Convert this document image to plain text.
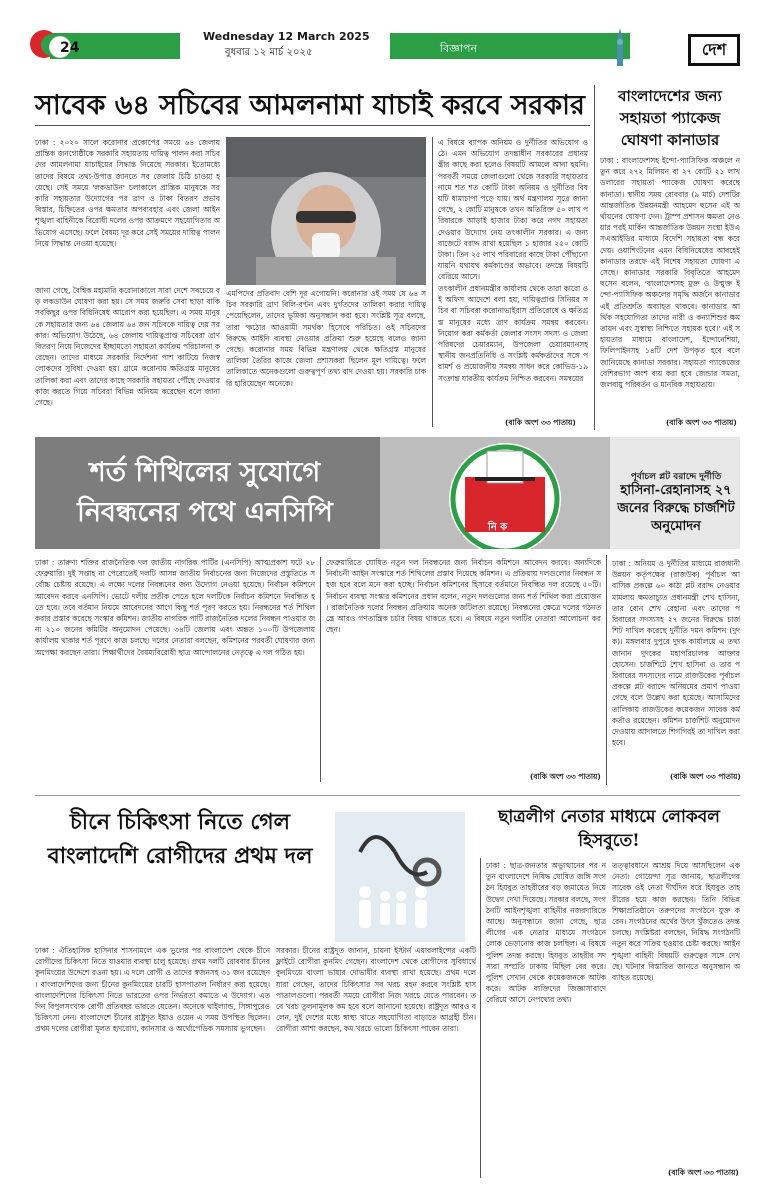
24
Wednesday 12 March 2025
বুধবার ১২ মার্চ ২০২৫	বিজ্ঞাপন	দেশ
সাবেক ৬৪ সচিবের আমলনামা যাচাই করবে সরকার
ঢাকা : ২০২০ সালে করোনার প্রকোপের সময়ে ৬৪ জেলায় প্রান্তিক জনগোষ্ঠীকে সরকারি সহায়তায় দায়িত্ব পালন করা সচিবদের আমলনামা যাচাইয়ের সিদ্ধান্ত নিয়েছে সরকার। ইতোমধ্যে তাদের বিষয়ে তথ্য-উপাত্ত জানতে সব জেলায় চিঠি চাওয়া হয়েছে। সেই সময়ে 'লকডাউন' চলাকালে প্রান্তিক মানুষকে সরকারি সহায়তার উদ্যোগের পর ত্রাণ ও টাকা বিতরণ প্রভাব বিস্তার, চিহ্নিতের ওপর ক্ষমতার অপব্যবহার এবং জেলা আইনশৃঙ্খলা বাহিনীকে বিরোধী দলের ওপর আক্রমণে সহযোগিতার অভিযোগ এসেছে। ফলে বৈষম্য দূর করে সেই সময়ের দায়িত্ব পালন নিয়ে সিদ্ধান্ত নেওয়া হয়েছে।
জানা গেছে, বৈশ্বিক মহামারি করোনাকালে সারা দেশে সবচেয়ে বড় লকডাউন ঘোষণা করা হয়। সে সময় জরুরি সেবা ছাড়া বাকি সবকিছুর ওপর বিধিনিষেধ আরোপ করা হয়েছিল। এ সময় মানুষকে সহায়তার জন্য ৬৪ জেলায় ৬৪ জন সচিবকে দায়িত্ব দেয় সরকার। অভিযোগ উঠেছে, ৬৪ জেলায় দায়িত্বপ্রাপ্ত সচিবেরা ত্রাণ বিতরণ নিয়ে নিজেদের ইচ্ছামতো সহায়তা কার্যক্রম পরিচালনা করেছেন। তাদের মাধ্যমে সরকারি নির্দেশনা পাশ কাটিয়ে নিজস্ব লোকদের সুবিধা দেওয়া হয়। গ্রামে করোনায় ক্ষতিগ্রস্ত মানুষের তালিকা করা এবং তাদের কাছে সরকারি সহায়তা পৌঁছে দেওয়ার কাজ করতে গিয়ে সচিবরা বিভিন্ন অনিয়ম করেছেন বলে জানা গেছে।
এমপিদের প্রতিবাদ বেশি দূর এগোয়নি। করোনার ওই সময় যে ৬৪ সচিব সরকারি ত্রাণ বিলি-বণ্টন এবং দুর্গতদের তালিকা করার দায়িত্ব পেয়েছিলেন, তাদের ভূমিকা অনুসন্ধান করা হবে। সংশ্লিষ্ট সূত্র বলছে, তারা 'কঠোর আওয়ামী সমর্থক' হিসেবে পরিচিত। ওই সচিবদের বিরুদ্ধে আইনি ব্যবস্থা নেওয়ার প্রক্রিয়া শুরু হয়েছে বলেও জানা গেছে। করোনার সময় বিভিন্ন মন্ত্রণালয় থেকে ক্ষতিগ্রস্ত মানুষের তালিকা তৈরির কাজে জেলা প্রশাসকরা ছিলেন মূল দায়িত্বে। ফলে তালিকাতে অনেকগুলো গুরুত্বপূর্ণ তথ্য বাদ দেওয়া হয়। সরকারি চাকরি হারিয়েছেন অনেকে।
এ বিষয়ে ব্যাপক অনিয়ম ও দুর্নীতির অভিযোগ ওঠে। এমন অভিযোগ তদন্তাধীন সরকারের প্রধানমন্ত্রীর কাছে করা হলেও বিষয়টি আমলে আনা হয়নি। পরবর্তী সময়ে জেলাগুলো থেকে সরকারি সহায়তার নামে শত শত কোটি টাকা অনিয়ম ও দুর্নীতির বিষয়টি ধামাচাপা পড়ে যায়। অর্থ মন্ত্রণালয় সূত্রে জানা গেছে, ২ কোটি মানুষকে তখন অতিরিক্ত ৫০ লাখ পরিবারকে আড়াই হাজার টাকা করে নগদ সহায়তা দেওয়ার উদ্যোগ নেয় তৎকালীন সরকার। এ জন্য বাজেটে বরাদ্দ রাখা হয়েছিল ১ হাজার ২৫০ কোটি টাকা। তিন ২৫ লাখ পরিবারের কাছে টাকা পৌঁছানো যায়নি যথাযথ কর্মকাণ্ডের অভাবে। তদন্তে বিষয়টি বেরিয়ে আসে।
তৎকালীন প্রধানমন্ত্রীর কার্যালয় থেকে তারা কারো ওই অফিস আদেশে বলা হয়, দায়িত্বপ্রাপ্ত সিনিয়র সচিব বা সচিবরা করোনাভাইরাস প্রতিরোধে ও ক্ষতিগ্রস্ত মানুষের মধ্যে ত্রাণ কার্যক্রম সমন্বয় করবেন। নিয়োগ করা কর্মকর্তা জেলার সংসদ সদস্য ও জেলা পরিষদের চেয়ারম্যান, উপজেলা চেয়ারম্যানসহ স্থানীয় জনপ্রতিনিধি ও সংশ্লিষ্ট কর্মকর্তাদের সঙ্গে পরামর্শ ও প্রয়োজনীয় সমন্বয় সাধন করে কোভিড-১৯ সংক্রান্ত যাবতীয় কার্যক্রম নিশ্চিত করবেন। সমন্বয়ের
(বাকি অংশ ৩৩ পাতায়)
বাংলাদেশের জন্য সহায়তা প্যাকেজ ঘোষণা কানাডার
ঢাকা : বাংলাদেশসহ ইন্দো-প্যাসিফিক অঞ্চলে নতুন করে ২৭২ মিলিয়ন বা ২৭ কোটি ২১ লাখ ডলারের সহায়তা প্যাকেজ ঘোষণা করেছে কানাডা। স্থানীয় সময় রোববার (৯ মার্চ) দেশটির আন্তর্জাতিক উন্নয়নমন্ত্রী আহমেদ হুসেন এই অর্থায়নের ঘোষণা দেন। ট্রাম্প প্রশাসন ক্ষমতা নেওয়ার পরই মার্কিন আন্তর্জাতিক উন্নয়ন সংস্থা ইউএসএআইডির মাধ্যমে বিদেশি সহায়তা বন্ধ করে দেয়। ওয়াশিংটনের এমন বিধিনিষেধের আবহেই কানাডার তরফে এই বিশেষ সহায়তা ঘোষণা এসেছে। কানাডার সরকারি বিবৃতিতে আহমেদ হুসেন বলেন, 'বাংলাদেশসহ মুক্ত ও উন্মুক্ত ইন্দো-প্যাসিফিক অঞ্চলের সমৃদ্ধি অর্জনে কানাডার এই প্রতিশ্রুতি অব্যাহত থাকবে। কানাডার আর্থিক সহযোগিতা তাদের নারী ও কন্যাশিশুর ক্ষমতায়ন এবং সুস্বাস্থ্য নিশ্চিতে সহায়ক হবে।' এই সহায়তার মাধ্যমে বাংলাদেশ, ইন্দোনেশিয়া, ফিলিপাইনসহ ১৪টি দেশ উপকৃত হবে বলে জানিয়েছে কানাডা সরকার। সহায়তা প্যাকেজের বেশিরভাগ অংশ ব্যয় করা হবে জেন্ডার সমতা, জলবায়ু পরিবর্তন ও মানবিক সহায়তায়।
(বাকি অংশ ৩৩ পাতায়)
শর্ত শিথিলের সুযোগে নিবন্ধনের পথে এনসিপি	নি ক
পূর্বাচল প্লট বরাদ্দে দুর্নীতি
হাসিনা-রেহানাসহ ২৭ জনের বিরুদ্ধে চার্জশিট অনুমোদন
ঢাকা : অনিয়ম ও দুর্নীতির মাধ্যমে রাজধানী উন্নয়ন কর্তৃপক্ষের (রাজউক) পূর্বাচল আবাসিক প্রকল্পে ৬০ কাঠা প্লট বরাদ্দ নেওয়ার মামলায় ক্ষমতাচ্যুত প্রধানমন্ত্রী শেখ হাসিনা, তার বোন শেখ রেহানা এবং তাদের পরিবারের সদস্যসহ ২৭ জনের বিরুদ্ধে চার্জশিট দাখিল করেছে দুর্নীতি দমন কমিশন (দুদক)। মঙ্গলবার দুপুরে দুদক কার্যালয়ে এ তথ্য জানান দুদকের মহাপরিচালক আক্তার হোসেন। চার্জশিটে শেখ হাসিনা ও তার পরিবারের সদস্যদের নামে রাজউকের পূর্বাচল প্রকল্পে প্লট বরাদ্দে অনিয়মের প্রমাণ পাওয়া গেছে বলে উল্লেখ করা হয়েছে। আসামিদের তালিকায় রাজউকের কয়েকজন সাবেক কর্মকর্তাও রয়েছেন। কমিশন চার্জশিট অনুমোদন দেওয়ায় আদালতে শিগগিরই তা দাখিল করা হবে।
(বাকি অংশ ৩৩ পাতায়)
ঢাকা : তারুণ্য শক্তির রাজনৈতিক দল জাতীয় নাগরিক পার্টির (এনসিপি) আত্মপ্রকাশ ঘটে ২৮ ফেব্রুয়ারি। দুই সপ্তাহ না পেরোতেই দলটি আসন্ন জাতীয় নির্বাচনের জন্য নিজেদের প্রস্তুতিতে সর্বোচ্চ চেষ্টায় রয়েছে। এ লক্ষ্যে দলের নিবন্ধনের জন্য উদ্যোগ নেওয়া হয়েছে। নির্বাচন কমিশনে আবেদন করবে এনসিপি। ভোটে দলীয় প্রতীক পেতে হলে দলটিকে নির্বাচন কমিশনে নিবন্ধিত হতে হবে। তবে বর্তমান নিয়মে আবেদনের আগে কিছু শর্ত পূরণ করতে হয়। নিবন্ধনের শর্ত শিথিল করার প্রস্তাব করেছে সংস্কার কমিশন। জাতীয় নাগরিক পার্টি রাজনৈতিক দলের নিবন্ধন পাওয়ার জন্য ২১০ জনের কমিটির অনুমোদন পেয়েছে। ৩৪টি জেলায় এবং অন্তত ১০০টি উপজেলায় কার্যালয় থাকার শর্ত পূরণে কাজ চলছে। দলের নেতারা বলছেন, কমিশনের পরবর্তী ঘোষণার জন্য অপেক্ষা করছেন তারা। শিক্ষার্থীদের বৈষম্যবিরোধী ছাত্র আন্দোলনের নেতৃত্বে এ দল গঠিত হয়।
ফেব্রুয়ারিতে ঘোষিত নতুন দল নিবন্ধনের জন্য নির্বাচন কমিশনে আবেদন করবে। অন্যদিকে নির্বাচনী আইন সংস্কারে শর্ত শিথিলের প্রস্তাব দিয়েছে কমিশন। এ প্রক্রিয়ায় দলগুলোর নিবন্ধন সহজ হবে বলে মনে করা হচ্ছে। নির্বাচন কমিশনের হিসাবে বর্তমানে নিবন্ধিত দল রয়েছে ৫০টি। নির্বাচন ব্যবস্থা সংস্কার কমিশনের প্রধান বলেন, নতুন দলগুলোর জন্য শর্ত শিথিল করা প্রয়োজন। রাজনৈতিক দলের নিবন্ধন প্রক্রিয়ায় অনেক জটিলতা রয়েছে। নিবন্ধনের ক্ষেত্রে দলের গঠনতন্ত্রে আরও গণতান্ত্রিক চর্চার বিষয় থাকতে হবে। এ বিষয়ে নতুন দলটির নেতারা আলোচনা করছেন।
(বাকি অংশ ৩৩ পাতায়)
চীনে চিকিৎসা নিতে গেল বাংলাদেশি রোগীদের প্রথম দল
ঢাকা : ঐতিহাসিক হাসিনার শাসনামলে এক ভুলের পর বাংলাদেশ থেকে চীনে রোগীদের চিকিৎসা নিতে যাওয়ার ব্যবস্থা চালু হয়েছে। প্রথম দলটি রোববার চীনের কুনমিংয়ের উদ্দেশে রওনা হয়। এ দলে রোগী ও তাদের স্বজনসহ ৩১ জন রয়েছেন। বাংলাদেশিদের জন্য চীনের কুনমিংয়ের চারটি হাসপাতাল নির্ধারণ করা হয়েছে। বাংলাদেশিদের চিকিৎসা নিতে ভারতের ওপর নির্ভরতা কমাতে এ উদ্যোগ। এতদিন বিপুলসংখ্যক রোগী প্রতিবছর ভারতে যেতেন। অনেকে থাইল্যান্ড, সিঙ্গাপুরেও চিকিৎসা নেন। বাংলাদেশে চীনের রাষ্ট্রদূত ইয়াও ওয়েন এ সময় উপস্থিত ছিলেন। প্রথম দলের রোগীরা মূলত হৃদরোগ, ক্যানসার ও অর্থোপেডিক সমস্যায় ভুগছেন।
সরকার। চীনের রাষ্ট্রদূত জানান, চায়না ইস্টার্ন এয়ারলাইন্সের একটি ফ্লাইটে রোগীরা কুনমিং গেছেন। বাংলাদেশ থেকে রোগীদের সুবিধার্থে কুনমিংয়ে বাংলা ভাষার দোভাষীর ব্যবস্থা রাখা হয়েছে। প্রথম দলে যারা গেছেন, তাদের চিকিৎসার সব খরচ বহন করবে সংশ্লিষ্ট হাসপাতালগুলো। পরবর্তী সময়ে রোগীরা নিজ খরচে যেতে পারবেন। তবে খরচ তুলনামূলক কম হবে বলে জানানো হয়েছে। রাষ্ট্রদূত আরও বলেন, দুই দেশের মধ্যে স্বাস্থ্য খাতে সহযোগিতা বাড়াতে আগ্রহী চীন। রোগীরা আশা করছেন, কম খরচে ভালো চিকিৎসা পাবেন তারা।
ছাত্রলীগ নেতার মাধ্যমে লোকবল হিসবুতে!
ঢাকা : ছাত্র-জনতার অভ্যুত্থানের পর নতুন বাংলাদেশে নিষিদ্ধ ঘোষিত জঙ্গি সংগঠন হিযবুত তাহরীরের বড় জমায়েত নিয়ে উদ্বেগ দেখা দিয়েছে। সরকার বলছে, সংগঠনটি আইনশৃঙ্খলা বাহিনীর নজরদারিতে আছে। অনুসন্ধানে জানা গেছে, ছাত্রলীগের এক নেতার মাধ্যমে সংগঠনে লোক ভেড়ানোর কাজ চলছিল। এ বিষয়ে পুলিশ তদন্ত করছে। হিযবুত তাহরীর সদস্যরা সম্প্রতি ঢাকায় মিছিল বের করে। পুলিশ সেখান থেকে কয়েকজনকে আটক করে। আটক ব্যক্তিদের জিজ্ঞাসাবাদে বেরিয়ে আসে নেপথ্যের তথ্য।
তত্ত্বাবধানে আশ্রয় দিয়ে আসছিলেন এক নেতা। গোয়েন্দা সূত্র জানায়, ছাত্রলীগের সাবেক ওই নেতা দীর্ঘদিন ধরে হিযবুত তাহরীরের হয়ে কাজ করছেন। তিনি বিভিন্ন শিক্ষাপ্রতিষ্ঠানে তরুণদের সংগঠনে যুক্ত করেন। সংগঠনের অর্থের উৎস খুঁজতেও তদন্ত চলছে। সংশ্লিষ্টরা বলছেন, নিষিদ্ধ সংগঠনটি নতুন করে সক্রিয় হওয়ার চেষ্টা করছে। আইনশৃঙ্খলা বাহিনী বিষয়টি গুরুত্বের সঙ্গে দেখছে। ঘটনার বিস্তারিত জানতে অনুসন্ধান অব্যাহত রয়েছে।
(বাকি অংশ ৩৩ পাতায়)
